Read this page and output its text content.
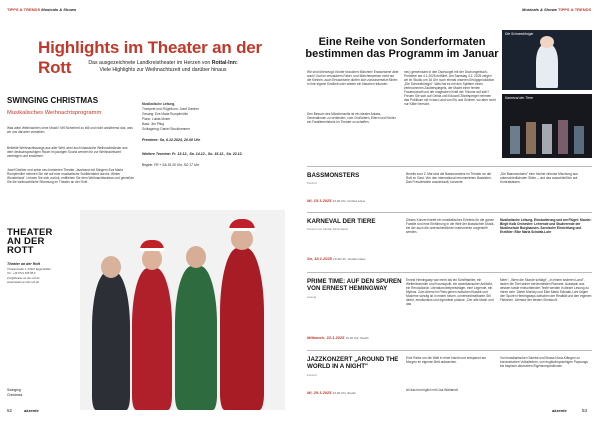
TIPPS & TRENDS Musicals & Shows
Highlights im Theater an der Rott	Das ausgezeichnete Landkreistheater im Herzen von Rottal-Inn:
Viele Highlights zur Weihnachtszeit und darüber hinaus
SWINGING CHRISTMAS
Musikalisches Weihnachtsprogramm
Was wäre Weihnachten ohne Musik? Mit Sicherheit zu still und nicht annähernd das, was wir uns darunter vorstellen.
Beliebte Weihnachtssongs aus aller Welt, aber auch klassische Weihnachtslieder aus dem deutschsprachigen Raum im jazzigen Sound werden für zur Weihnachtszeit vereinigen und erwärmen.
Josef Daxlher und seine neu formierten Theater ‚Jazzband mit Sängern Eva Maria Rumpfmüller nehmen Sie mit auf eine musikalische Schlittenfahrt durchs ‚Winter Wonderland'. Lehnen Sie sich zurück, entfliehen Sie dem Weihnachtsstress und genießen Sie die weihnachtliche Stimmung im Theater an der Rott!
Musikalische Leitung,
Trompete und Flügelhorn: Josef Daxlher
Gesang: Eva Maria Rumpfmüller
Piano: Lukas Moser
Bass: Jim Pflug
Schlagzeug: Daniel Stockhammer
Premiere: Sa, 6.12.2024, 20.00 Uhr
Weitere Termine: Fr. 13.12., Sa. 14.12., So. 15.12., Sa. 22.12.
Beginn: FR + SA 19.30 Uhr, SO 17 Uhr
THEATER
AN DER
ROTT
Theater an der Rott
Theaterstraße 1, 84307 Eggenfelden
Tel.: +49 8721 938 88-0
info@theater-an-der-rott.de
www.theater-an-der-rott.de
Swinging
Christmas
52	akzente
Musicals & Shows TIPPS & TRENDS
Eine Reihe von Sonderformaten
bestimmen das Programm im Januar
Wir sind überzeugt: Kinder brauchen Märchen! Erwachsene aber auch! Und so verzaubern Fabel- und Märchenwesen nicht nur die Kleinen, auch Erwachsene dürfen sich zurückversetzt fühlen in ihre eigene Kindheit oder wieder ein bisschen träumen.
Den Besuch des Märchenzelts ist ein idealer Anlass, Generationen zu verbinden, vom Großeltern, Eltern und Kinder ein Familienerlebnis im Theater zu schaffen.
neu) gemeinsam in den Dschungel mit der Dschungelbuch-Premiere am 4.1.2025 entführt. Am Samstag 4.1. 2025 zeigen wir im Studio um 16 Uhr noch einmal unseren Erfolgsproduktion „Die Schneekönigin". Was hat es mit den Splittern eines zerbrochenen Zauberspiegels, der Macht einer fernen Frauenschaft und der magischen Kraft der Träume auf sich? Freuen Sie sich auf Gerda und Eduard! Zitzelsperger nehmen das Publikum mit in das Land von Eis und Schnee, wo aber nicht nur Kälte herrscht.
Die Schneekönigin
Karneval der Tiere
BASSMONSTERS
Konzert
Mi, 15.1.2025 19.30 Uhr, Großes Haus
Bereits zum 2. Mal sind die Bassmonsters im Theater an der Rott zu Gast. Vier den international renommierten Bassisten. Das Freudenstein ausverkauft, konzerte
„Die Bassmonsters" eine höchst virtuose Mischung aus unterschiedlichsten Stilen – und das ausschließlich auf Kontrabässen.
KARNEVAL DER TIERE
Konzert von Camille Saint-Saëns
Sa, 18.1.2025 19.30 Uhr, Großes Haus
Dieses Konzert bietet ein musikalisches Erlebnis für die ganze Familie und eine Einführung in die Welt der klassischen Musik, bei der auch die unterschiedlichen Instrumente vorgestellt werden.
Musikalische Leitung, Einstudierung und am Flügel: Klavier: Birgit Kolb Orchester: Lehrende und Studierende der Musikschule Burghausen. Szenische Einrichtung und Erzähler: Elke Maria Schwab-Lohr
PRIME TIME: AUF DEN SPUREN VON ERNEST HEMINGWAY
Lesung
Mittwoch, 22.1.2025 19.30 Uhr, Studio
Ernest Hemingway war mehr als ein Schriftsteller, ein Weltenbummler und Kosmopolit, ein amerikanischer Antiheld, ein Revolutionär. Literaturnobelpreisträger, eine Legende, ein Mythos. Zum Abend im Preis gehen zwischen Klassik und Moderne schräg ist in einem neuen, unverwechselbaren Stil direkt, emotionslos und irgendwie präzise: „Der alte Mann und das
Meer", „Wem die Stunde schlägt", „In einem anderen Land", lauten die Titel seiner berühmtesten Romane. Ausstaun aus dessen sowie erleuchtenden Texte werden in dieser Lesung zu hören sein. Dieter Mondry und Elke Maria Schwab-Lohr folgen den Spuren Hemingways zwischen der Realität und den eigenen Fiktionen. Literatur der besten Sinnbuch!
JAZZKONZERT „AROUND THE WORLD IN A NIGHT"
Konzert
Mi, 29.1.2025 19.30 Uhr, Studio
Eine Reise um die Welt in einer Nacht und entspannt am Morgen im eigenen Bett aufwachen.
All das ist möglich mit Lisa Wahlandt
Von brasilianischen Samba und Bossa Nova-Klängen zu bonanzischen Volksliedern, von englischsprachigen Popsongs bis bayrisch-deutschen Eigenkompositionen
akzente	53
